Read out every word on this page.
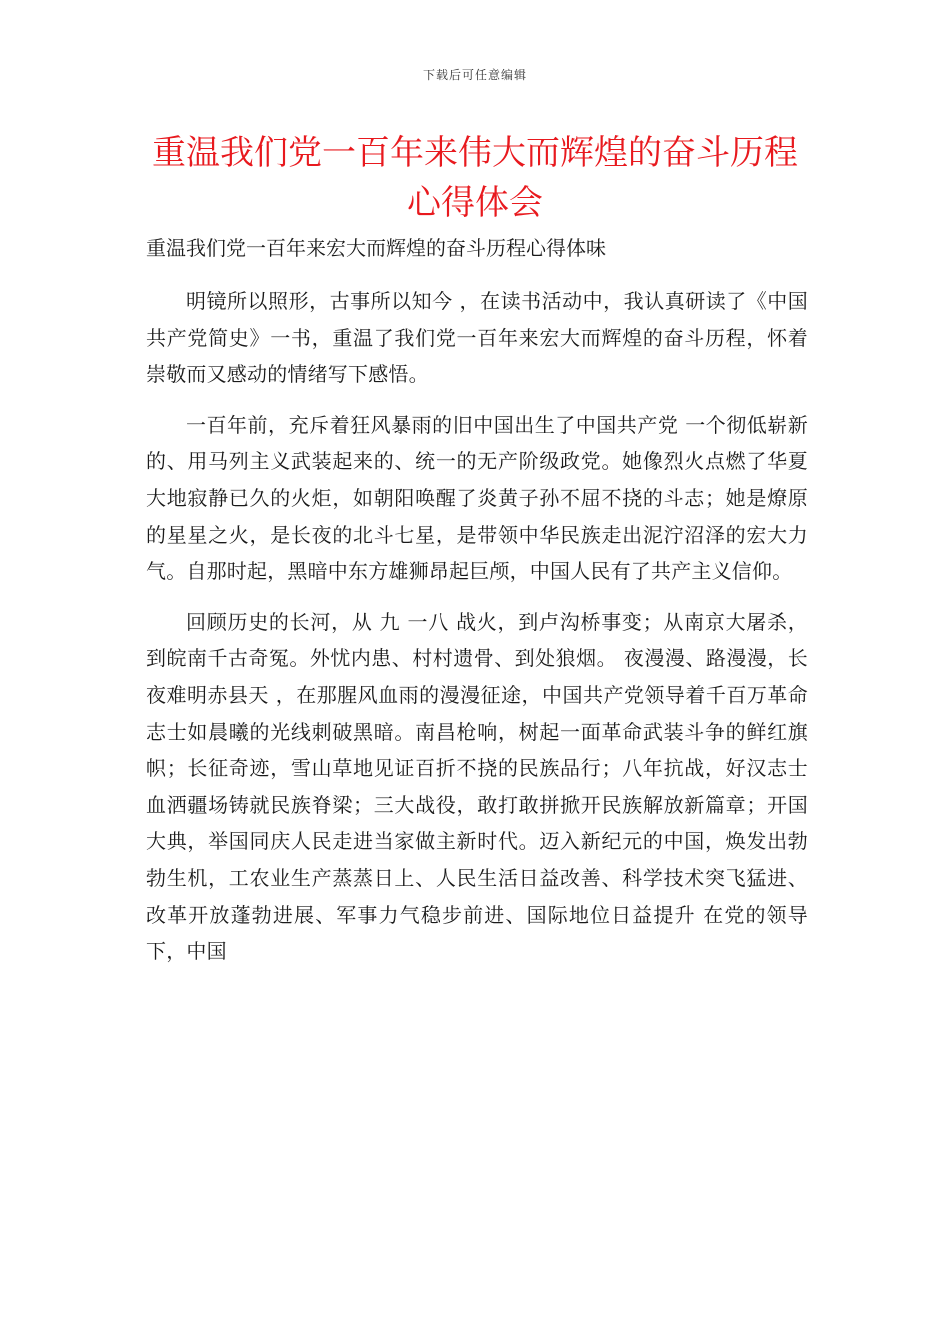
下载后可任意编辑
重温我们党一百年来伟大而辉煌的奋斗历程心得体会

重温我们党一百年来宏大而辉煌的奋斗历程心得体味

明镜所以照形，古事所以知今 ，在读书活动中，我认真研读了《中国共产党简史》一书，重温了我们党一百年来宏大而辉煌的奋斗历程，怀着崇敬而又感动的情绪写下感悟。

一百年前，充斥着狂风暴雨的旧中国出生了中国共产党 一个彻低崭新的、用马列主义武装起来的、统一的无产阶级政党。她像烈火点燃了华夏大地寂静已久的火炬，如朝阳唤醒了炎黄子孙不屈不挠的斗志；她是燎原的星星之火，是长夜的北斗七星，是带领中华民族走出泥泞沼泽的宏大力气。自那时起，黑暗中东方雄狮昂起巨颅，中国人民有了共产主义信仰。

回顾历史的长河，从 九 一八 战火，到卢沟桥事变；从南京大屠杀，到皖南千古奇冤。外忧内患、村村遗骨、到处狼烟。 夜漫漫、路漫漫，长夜难明赤县天 ，在那腥风血雨的漫漫征途，中国共产党领导着千百万革命志士如晨曦的光线刺破黑暗。南昌枪响，树起一面革命武装斗争的鲜红旗帜；长征奇迹，雪山草地见证百折不挠的民族品行；八年抗战，好汉志士血洒疆场铸就民族脊梁；三大战役，敢打敢拼掀开民族解放新篇章；开国大典，举国同庆人民走进当家做主新时代。迈入新纪元的中国，焕发出勃勃生机，工农业生产蒸蒸日上、人民生活日益改善、科学技术突飞猛进、改革开放蓬勃进展、军事力气稳步前进、国际地位日益提升 在党的领导下，中国
